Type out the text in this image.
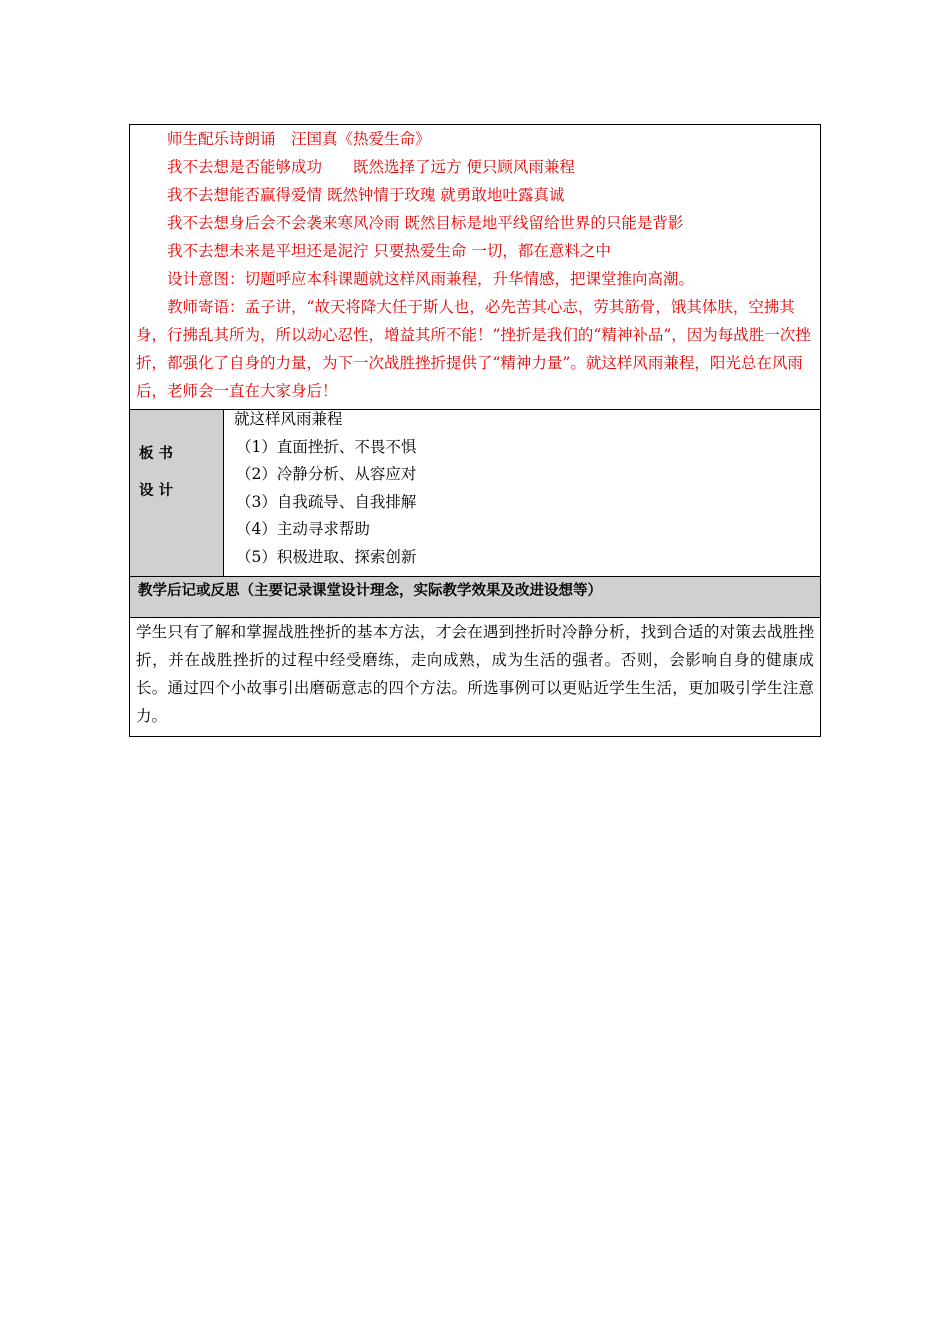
师生配乐诗朗诵　汪国真《热爱生命》
我不去想是否能够成功　　既然选择了远方 便只顾风雨兼程
我不去想能否赢得爱情 既然钟情于玫瑰 就勇敢地吐露真诚
我不去想身后会不会袭来寒风冷雨 既然目标是地平线留给世界的只能是背影
我不去想未来是平坦还是泥泞 只要热爱生命 一切，都在意料之中
设计意图：切题呼应本科课题就这样风雨兼程，升华情感，把课堂推向高潮。
教师寄语：孟子讲，“故天将降大任于斯人也，必先苦其心志，劳其筋骨，饿其体肤，空拂其身，行拂乱其所为，所以动心忍性，增益其所不能！”挫折是我们的“精神补品”，因为每战胜一次挫折，都强化了自身的力量，为下一次战胜挫折提供了“精神力量”。就这样风雨兼程，阳光总在风雨后，老师会一直在大家身后！
板 书
设 计
就这样风雨兼程
（1）直面挫折、不畏不惧
（2）冷静分析、从容应对
（3）自我疏导、自我排解
（4）主动寻求帮助
（5）积极进取、探索创新
教学后记或反思（主要记录课堂设计理念，实际教学效果及改进设想等）
学生只有了解和掌握战胜挫折的基本方法，才会在遇到挫折时冷静分析，找到合适的对策去战胜挫折，并在战胜挫折的过程中经受磨练，走向成熟，成为生活的强者。否则，会影响自身的健康成长。通过四个小故事引出磨砺意志的四个方法。所选事例可以更贴近学生生活，更加吸引学生注意力。
